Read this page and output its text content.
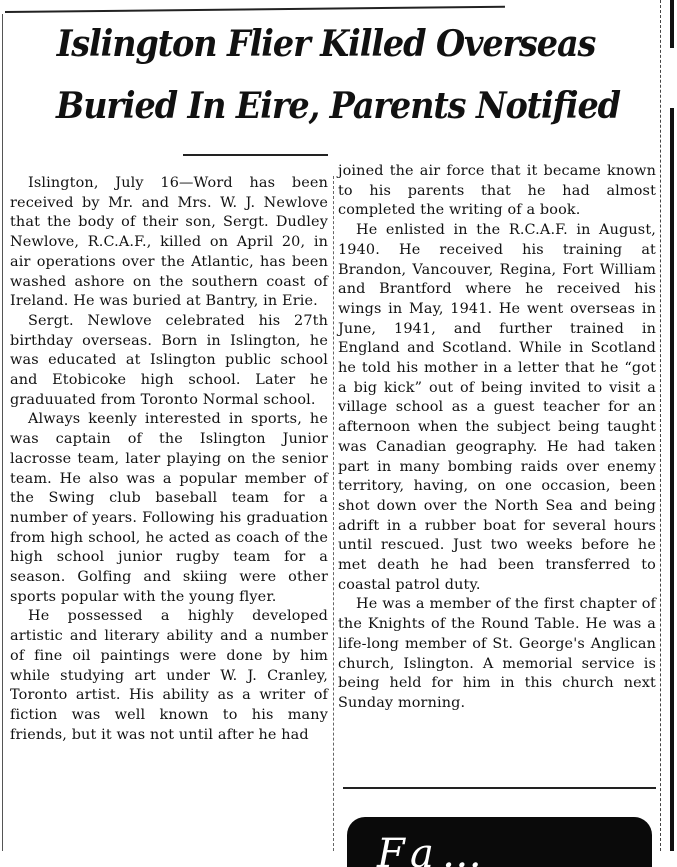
Islington Flier Killed Overseas
Buried In Eire, Parents Notified

Islington, July 16—Word has been received by Mr. and Mrs. W. J. Newlove that the body of their son, Sergt. Dudley Newlove, R.C.A.F., killed on April 20, in air operations over the Atlantic, has been washed ashore on the southern coast of Ireland. He was buried at Bantry, in Erie.

Sergt. Newlove celebrated his 27th birthday overseas. Born in Islington, he was educated at Islington public school and Etobicoke high school. Later he graduuated from Toronto Normal school.

Always keenly interested in sports, he was captain of the Islington Junior lacrosse team, later playing on the senior team. He also was a popular member of the Swing club baseball team for a number of years. Following his graduation from high school, he acted as coach of the high school junior rugby team for a season. Golfing and skiing were other sports popular with the young flyer.

He possessed a highly developed artistic and literary ability and a number of fine oil paintings were done by him while studying art under W. J. Cranley, Toronto artist. His ability as a writer of fiction was well known to his many friends, but it was not until after he had

joined the air force that it became known to his parents that he had almost completed the writing of a book.

He enlisted in the R.C.A.F. in August, 1940. He received his training at Brandon, Vancouver, Regina, Fort William and Brantford where he received his wings in May, 1941. He went overseas in June, 1941, and further trained in England and Scotland. While in Scotland he told his mother in a letter that he “got a big kick” out of being invited to visit a village school as a guest teacher for an afternoon when the subject being taught was Canadian geography. He had taken part in many bombing raids over enemy territory, having, on one occasion, been shot down over the North Sea and being adrift in a rubber boat for several hours until rescued. Just two weeks before he met death he had been transferred to coastal patrol duty.

He was a member of the first chapter of the Knights of the Round Table. He was a life-long member of St. George's Anglican church, Islington. A memorial service is being held for him in this church next Sunday morning.

Fa…
